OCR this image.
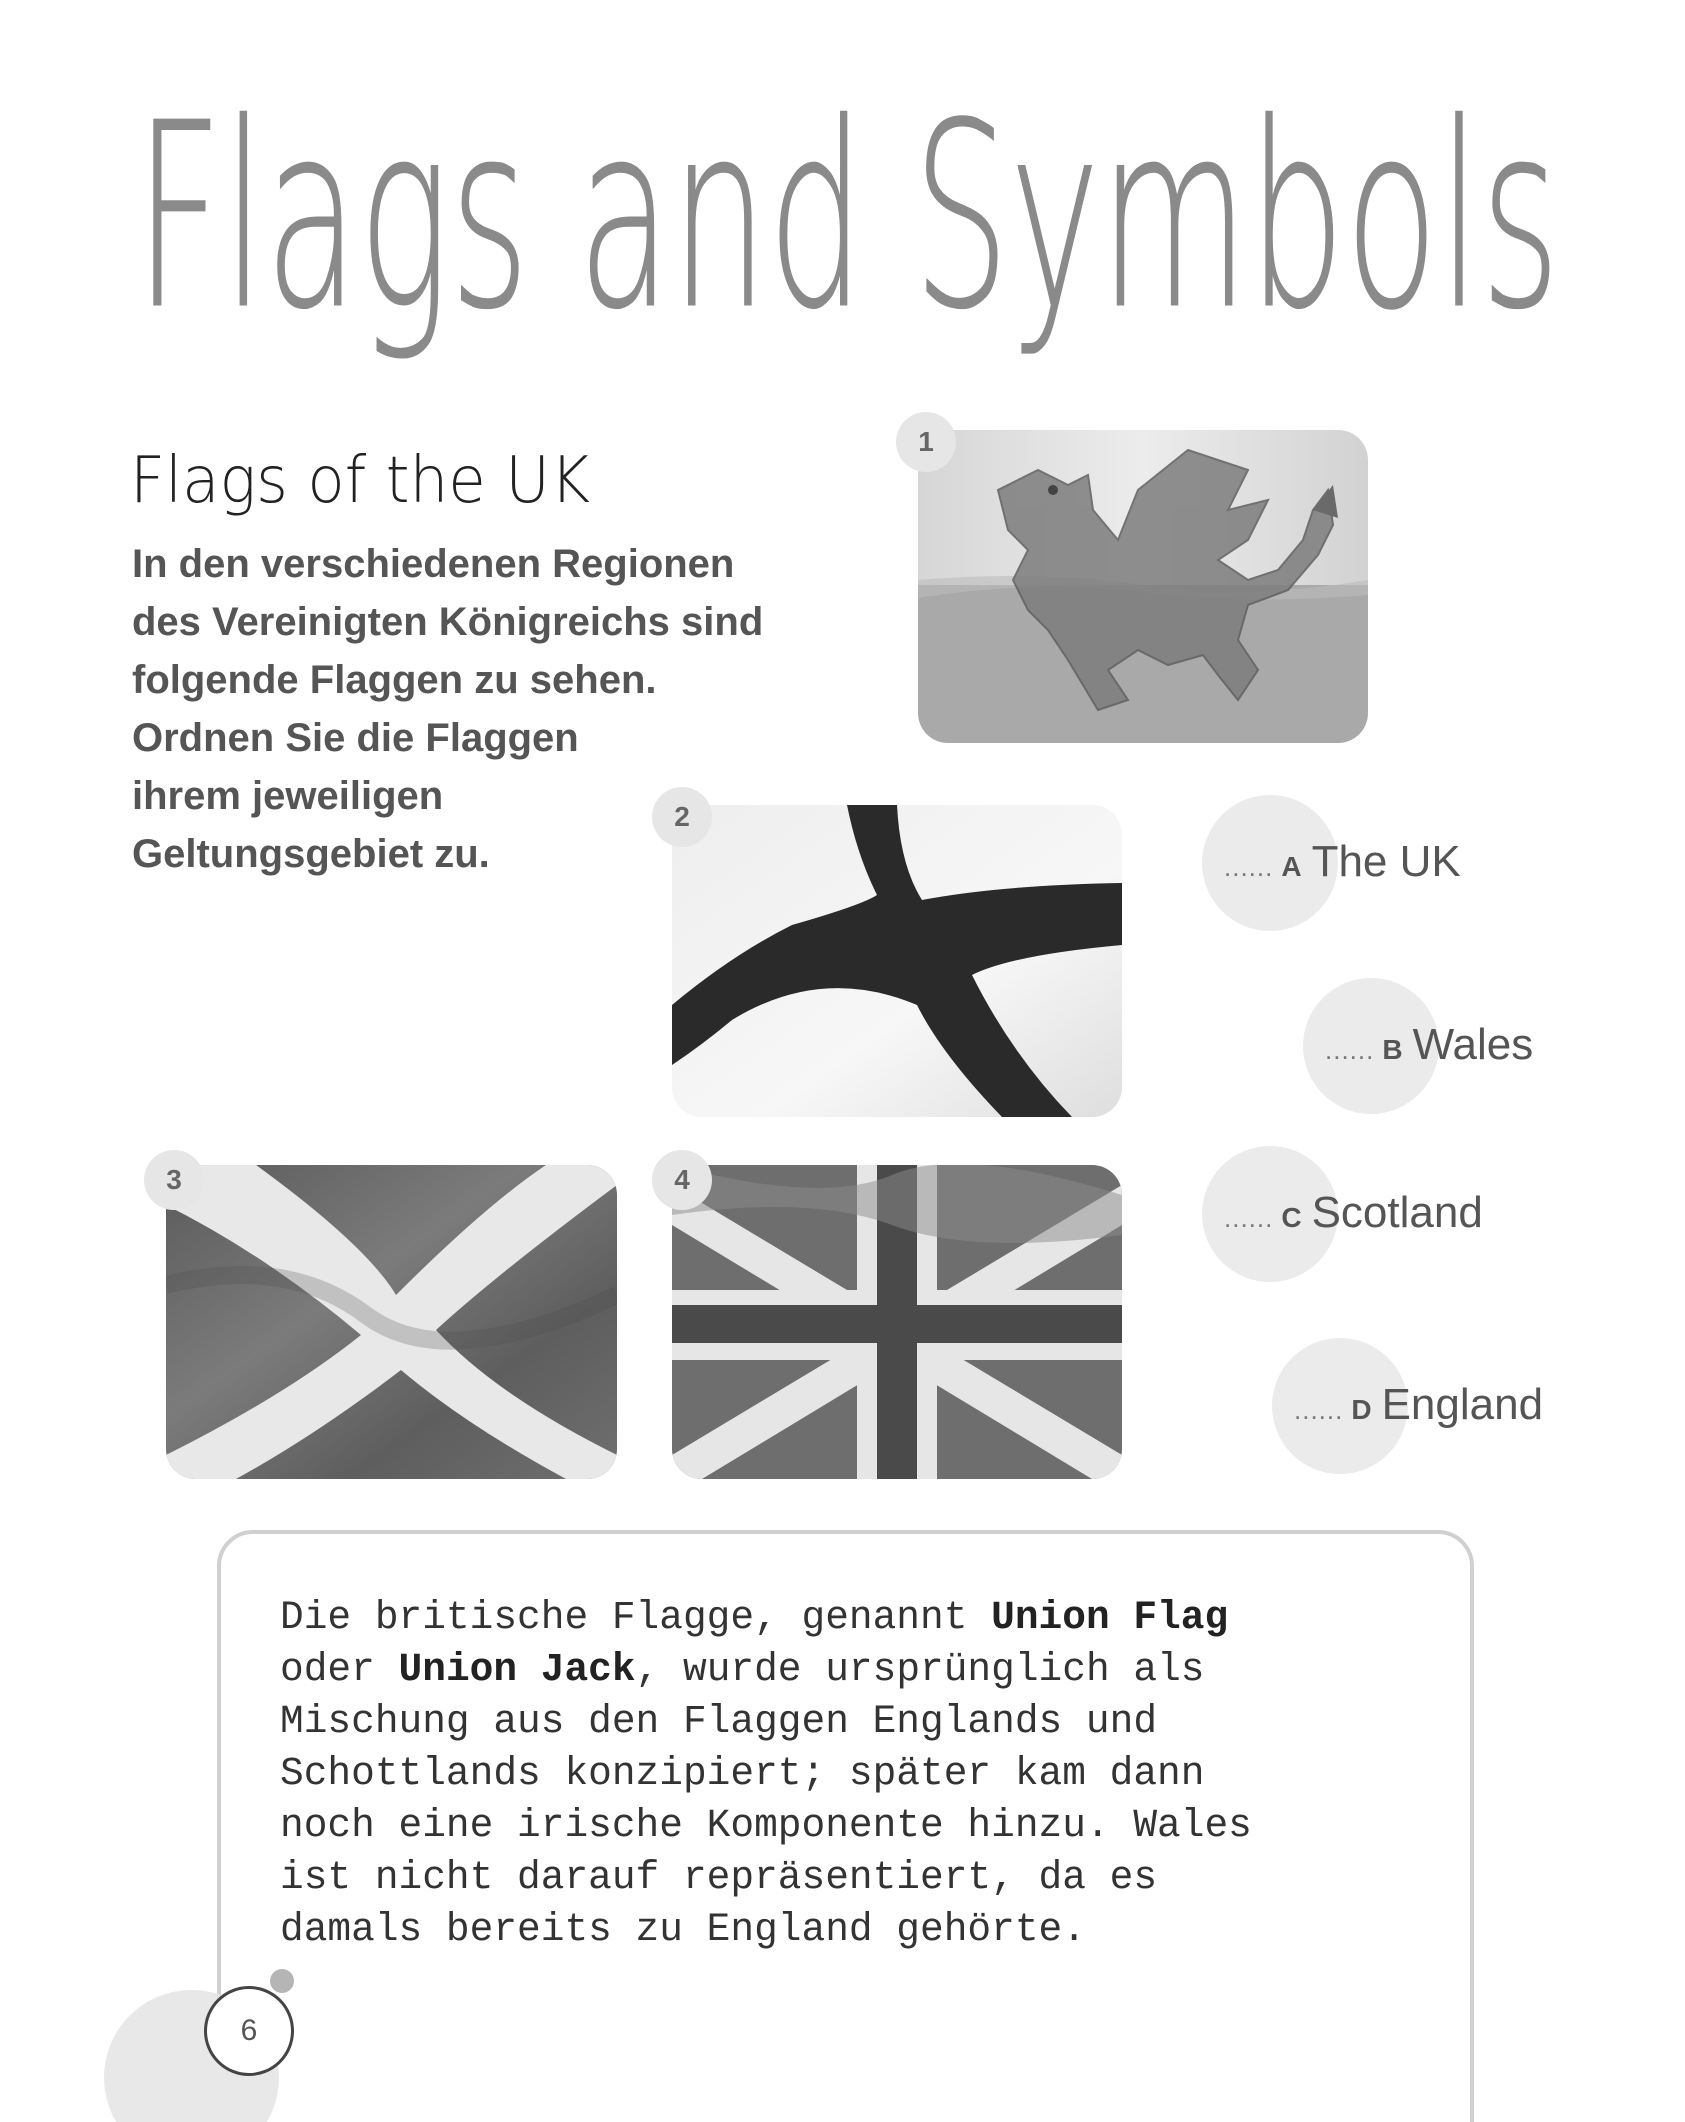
Flags and Symbols
Flags of the UK
In den verschiedenen Regionen
des Vereinigten Königreichs sind
folgende Flaggen zu sehen.
Ordnen Sie die Flaggen
ihrem jeweiligen
Geltungsgebiet zu.
1
2
3	4
...... A The UK
...... B Wales
...... C Scotland
...... D England

Die britische Flagge, genannt Union Flag
oder Union Jack, wurde ursprünglich als
Mischung aus den Flaggen Englands und
Schottlands konzipiert; später kam dann
noch eine irische Komponente hinzu. Wales
ist nicht darauf repräsentiert, da es
damals bereits zu England gehörte.

6
